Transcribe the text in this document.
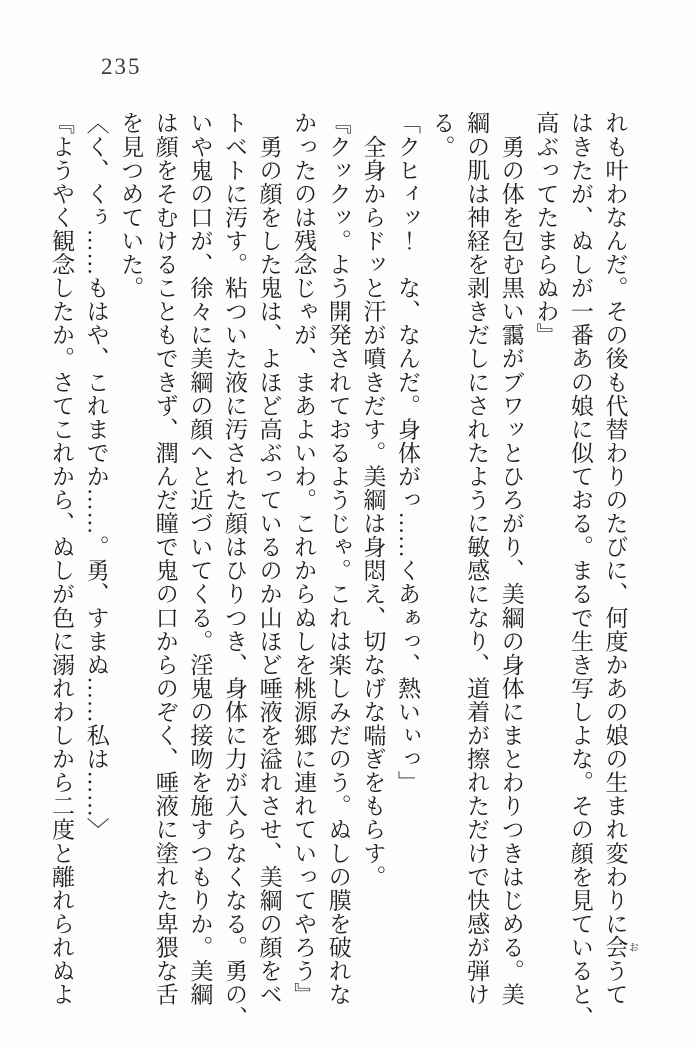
235
れも叶わなんだ。その後も代替わりのたびに、何度かあの娘の生まれ変わりに会 おうて
はきたが、ぬしが一番あの娘に似ておる。まるで生き写しよな。その顔を見ていると、
高ぶってたまらぬわ』
　勇の体を包む黒い靄がブワッとひろがり、美綱の身体にまとわりつきはじめる。美
綱の肌は神経を剥きだしにされたように敏感になり、道着が擦れただけで快感が弾け
る。
「クヒィッ！　な、なんだ。身体がっ……くあぁっ、熱いぃっ」
　全身からドッと汗が噴きだす。美綱は身悶え、切なげな喘ぎをもらす。
『クックッ。よう開発されておるようじゃ。これは楽しみだのう。ぬしの膜を破れな
かったのは残念じゃが、まあよいわ。これからぬしを桃源郷に連れていってやろう』
　勇の顔をした鬼は、よほど高ぶっているのか山ほど唾液を溢れさせ、美綱の顔をベ
トベトに汚す。粘ついた液に汚された顔はひりつき、身体に力が入らなくなる。勇の、
いや鬼の口が、徐々に美綱の顔へと近づいてくる。淫鬼の接吻を施すつもりか。美綱
は顔をそむけることもできず、潤んだ瞳で鬼の口からのぞく、唾液に塗れた卑猥な舌
を見つめていた。
〈く、くぅ……もはや、これまでか……。勇、すまぬ……私は……〉
『ようやく観念したか。さてこれから、ぬしが色に溺れわしから二度と離れられぬよ
